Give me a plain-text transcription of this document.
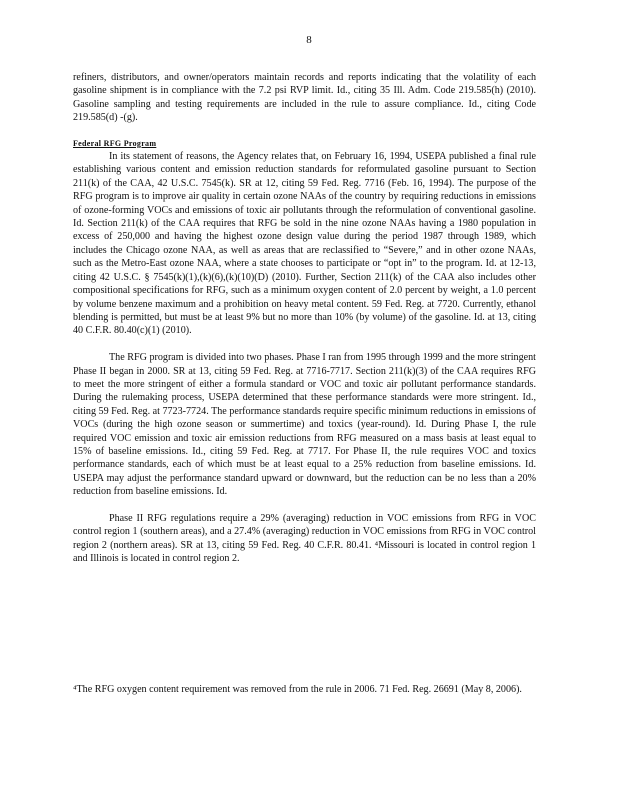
8

refiners, distributors, and owner/operators maintain records and reports indicating that the volatility of each gasoline shipment is in compliance with the 7.2 psi RVP limit. Id., citing 35 Ill. Adm. Code 219.585(h) (2010). Gasoline sampling and testing requirements are included in the rule to assure compliance. Id., citing Code 219.585(d) -(g).

Federal RFG Program

In its statement of reasons, the Agency relates that, on February 16, 1994, USEPA published a final rule establishing various content and emission reduction standards for reformulated gasoline pursuant to Section 211(k) of the CAA, 42 U.S.C. 7545(k). SR at 12, citing 59 Fed. Reg. 7716 (Feb. 16, 1994). The purpose of the RFG program is to improve air quality in certain ozone NAAs of the country by requiring reductions in emissions of ozone-forming VOCs and emissions of toxic air pollutants through the reformulation of conventional gasoline. Id. Section 211(k) of the CAA requires that RFG be sold in the nine ozone NAAs having a 1980 population in excess of 250,000 and having the highest ozone design value during the period 1987 through 1989, which includes the Chicago ozone NAA, as well as areas that are reclassified to “Severe,” and in other ozone NAAs, such as the Metro-East ozone NAA, where a state chooses to participate or “opt in” to the program. Id. at 12-13, citing 42 U.S.C. § 7545(k)(1),(k)(6),(k)(10)(D) (2010). Further, Section 211(k) of the CAA also includes other compositional specifications for RFG, such as a minimum oxygen content of 2.0 percent by weight, a 1.0 percent by volume benzene maximum and a prohibition on heavy metal content. 59 Fed. Reg. at 7720. Currently, ethanol blending is permitted, but must be at least 9% but no more than 10% (by volume) of the gasoline. Id. at 13, citing 40 C.F.R. 80.40(c)(1) (2010).

The RFG program is divided into two phases. Phase I ran from 1995 through 1999 and the more stringent Phase II began in 2000. SR at 13, citing 59 Fed. Reg. at 7716-7717. Section 211(k)(3) of the CAA requires RFG to meet the more stringent of either a formula standard or VOC and toxic air pollutant performance standards. During the rulemaking process, USEPA determined that these performance standards were more stringent. Id., citing 59 Fed. Reg. at 7723-7724. The performance standards require specific minimum reductions in emissions of VOCs (during the high ozone season or summertime) and toxics (year-round). Id. During Phase I, the rule required VOC emission and toxic air emission reductions from RFG measured on a mass basis at least equal to 15% of baseline emissions. Id., citing 59 Fed. Reg. at 7717. For Phase II, the rule requires VOC and toxics performance standards, each of which must be at least equal to a 25% reduction from baseline emissions. Id. USEPA may adjust the performance standard upward or downward, but the reduction can be no less than a 20% reduction from baseline emissions. Id.

Phase II RFG regulations require a 29% (averaging) reduction in VOC emissions from RFG in VOC control region 1 (southern areas), and a 27.4% (averaging) reduction in VOC emissions from RFG in VOC control region 2 (northern areas). SR at 13, citing 59 Fed. Reg. 40 C.F.R. 80.41. ⁴Missouri is located in control region 1 and Illinois is located in control region 2.

⁴The RFG oxygen content requirement was removed from the rule in 2006. 71 Fed. Reg. 26691 (May 8, 2006).
